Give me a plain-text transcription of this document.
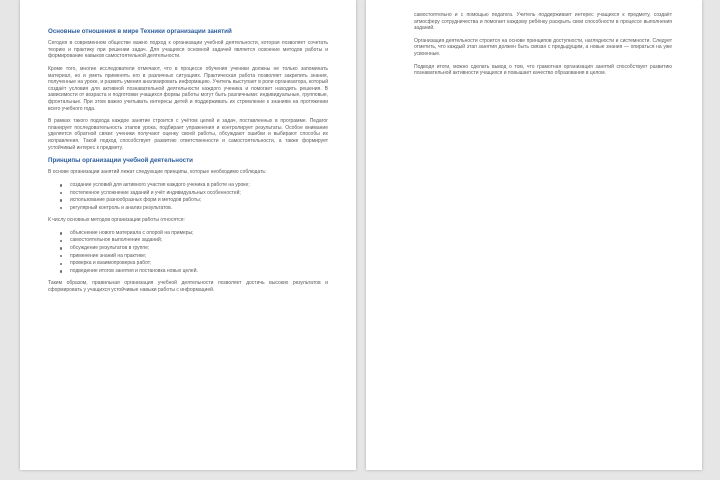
Основные отношения в мире Техники организации занятий
Сегодня в современном обществе важно подход к организации учебной деятельности, которая позволяет сочетать теорию и практику при решении задач. Для учащихся основной задачей является освоение методов работы и формирование навыков самостоятельной деятельности.
Кроме того, многие исследователи отмечают, что в процессе обучения ученики должны не только запоминать материал, но и уметь применять его в различных ситуациях. Практическая работа позволяет закрепить знания, полученные на уроке, и развить умения анализировать информацию. Учитель выступает в роли организатора, который создаёт условия для активной познавательной деятельности каждого ученика и помогает находить решения. В зависимости от возраста и подготовки учащихся формы работы могут быть различными: индивидуальные, групповые, фронтальные. При этом важно учитывать интересы детей и поддерживать их стремление к знаниям на протяжении всего учебного года.
В рамках такого подхода каждое занятие строится с учётом целей и задач, поставленных в программе. Педагог планирует последовательность этапов урока, подбирает упражнения и контролирует результаты. Особое внимание уделяется обратной связи: ученики получают оценку своей работы, обсуждают ошибки и выбирают способы их исправления. Такой подход способствует развитию ответственности и самостоятельности, а также формирует устойчивый интерес к предмету.
Принципы организации учебной деятельности
В основе организации занятий лежат следующие принципы, которые необходимо соблюдать:
создание условий для активного участия каждого ученика в работе на уроке;
постепенное усложнение заданий и учёт индивидуальных особенностей;
использование разнообразных форм и методов работы;
регулярный контроль и анализ результатов.
К числу основных методов организации работы относятся:
объяснение нового материала с опорой на примеры;
самостоятельное выполнение заданий;
обсуждение результатов в группе;
применение знаний на практике;
проверка и взаимопроверка работ;
подведение итогов занятия и постановка новых целей.
Таким образом, правильная организация учебной деятельности позволяет достичь высоких результатов и сформировать у учащихся устойчивые навыки работы с информацией.
самостоятельно и с помощью педагога. Учитель поддерживает интерес учащихся к предмету, создаёт атмосферу сотрудничества и помогает каждому ребёнку раскрыть свои способности в процессе выполнения заданий.
Организация деятельности строится на основе принципов доступности, наглядности и системности. Следует отметить, что каждый этап занятия должен быть связан с предыдущим, а новые знания — опираться на уже усвоенные.
Подводя итоги, можно сделать вывод о том, что грамотная организация занятий способствует развитию познавательной активности учащихся и повышает качество образования в целом.
